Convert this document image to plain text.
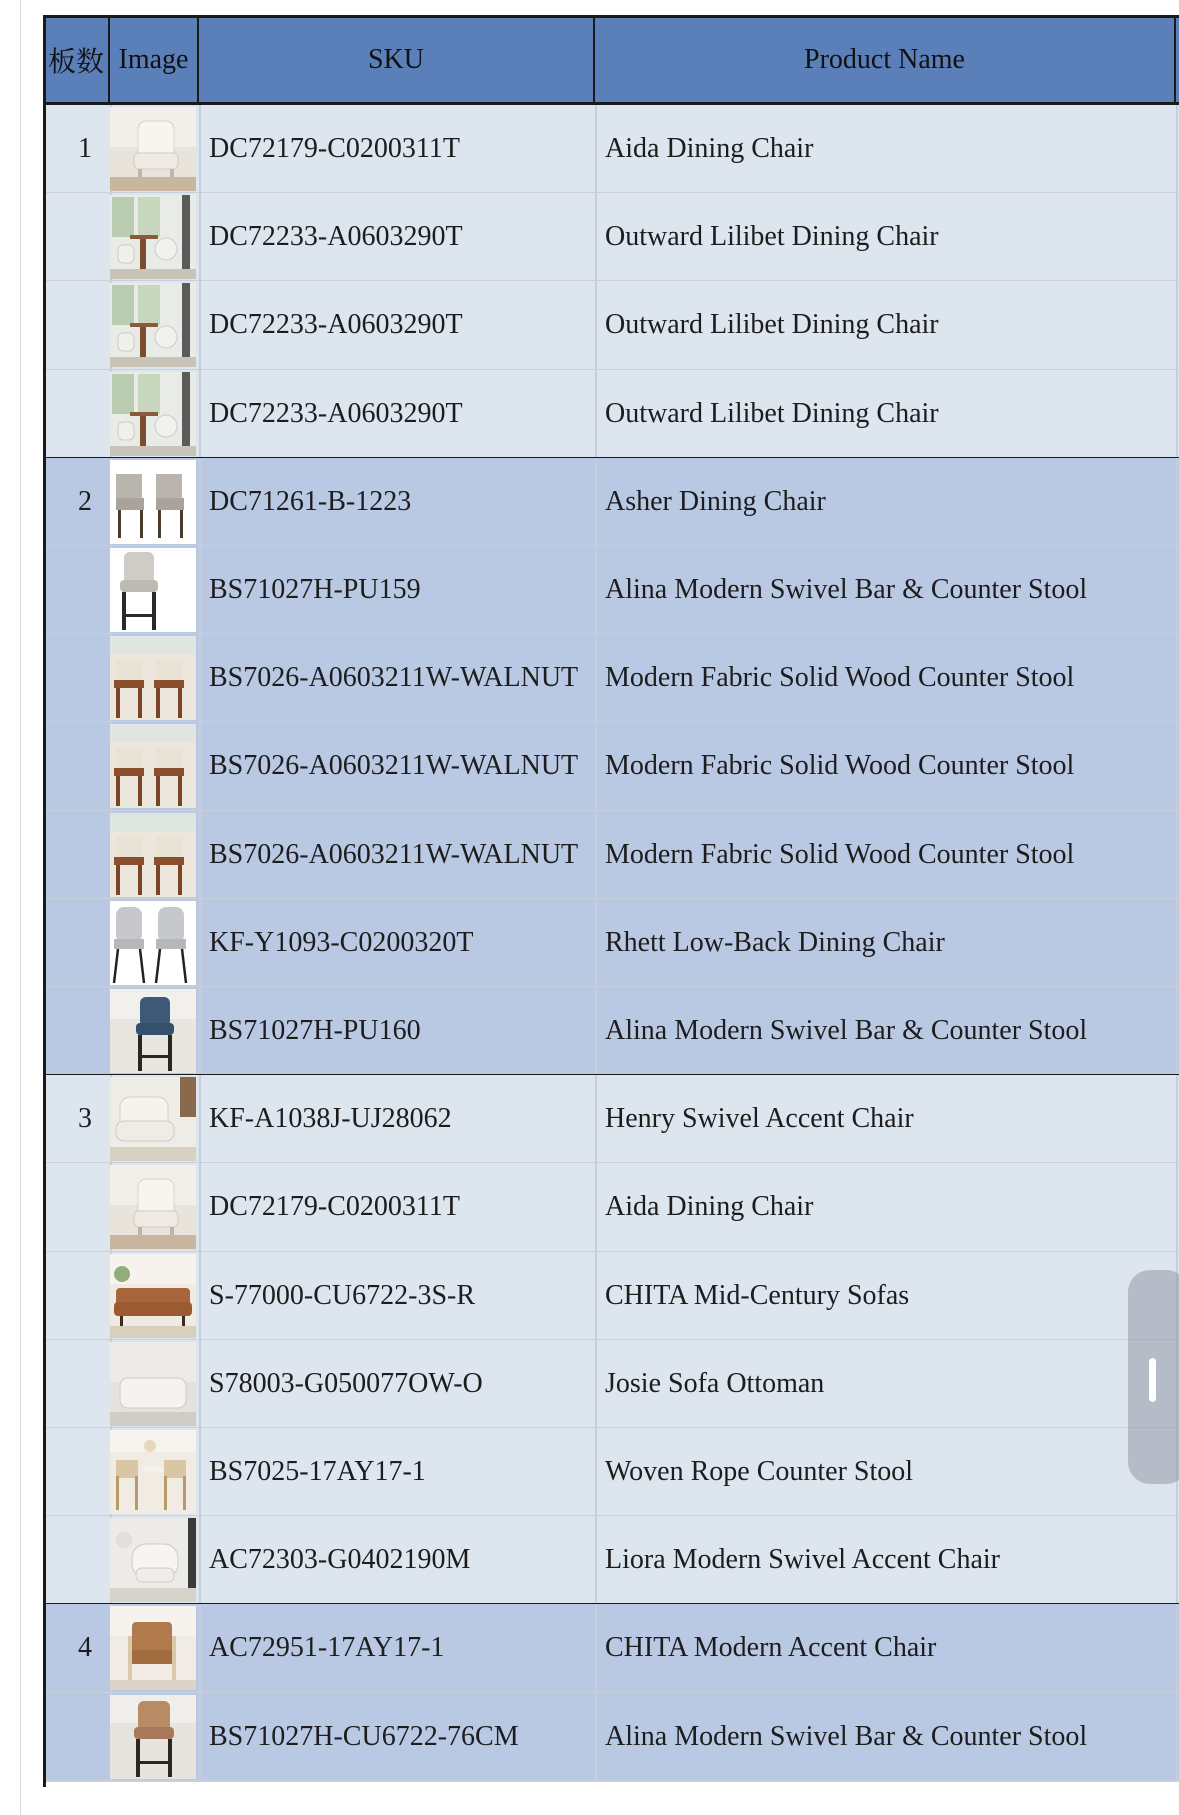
板数 Image	SKU	Product Name
1	DC72179-C0200311T	Aida Dining Chair
DC72233-A0603290T	Outward Lilibet Dining Chair
DC72233-A0603290T	Outward Lilibet Dining Chair
DC72233-A0603290T	Outward Lilibet Dining Chair
2	DC71261-B-1223	Asher Dining Chair
BS71027H-PU159	Alina Modern Swivel Bar & Counter Stool
BS7026-A0603211W-WALNUT Modern Fabric Solid Wood Counter Stool
BS7026-A0603211W-WALNUT Modern Fabric Solid Wood Counter Stool
BS7026-A0603211W-WALNUT Modern Fabric Solid Wood Counter Stool
KF-Y1093-C0200320T	Rhett Low-Back Dining Chair
BS71027H-PU160	Alina Modern Swivel Bar & Counter Stool
3	KF-A1038J-UJ28062	Henry Swivel Accent Chair
DC72179-C0200311T	Aida Dining Chair
S-77000-CU6722-3S-R	CHITA Mid-Century Sofas
S78003-G050077OW-O	Josie Sofa Ottoman
BS7025-17AY17-1	Woven Rope Counter Stool
AC72303-G0402190M	Liora Modern Swivel Accent Chair
4	AC72951-17AY17-1	CHITA Modern Accent Chair
BS71027H-CU6722-76CM	Alina Modern Swivel Bar & Counter Stool
